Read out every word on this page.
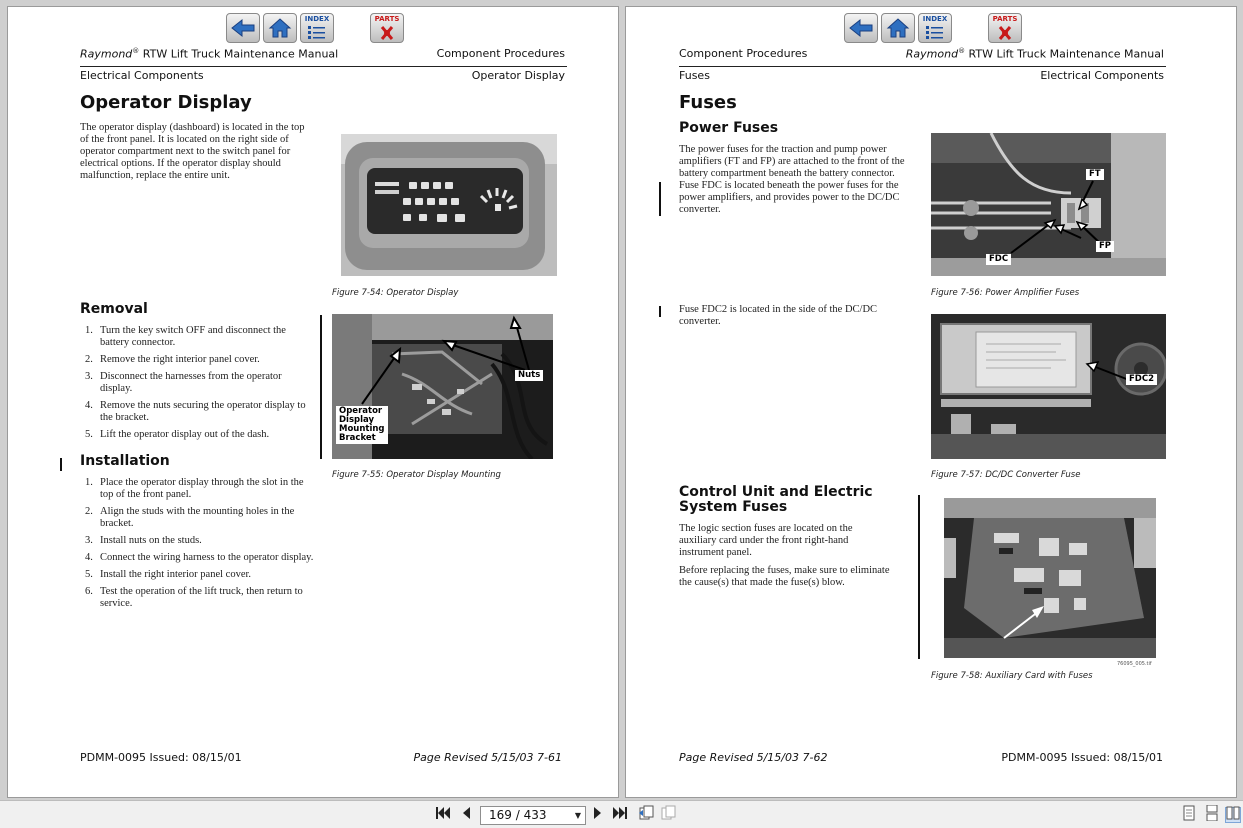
INDEX	PARTS
Raymond® RTW Lift Truck Maintenance Manual	Component Procedures
Electrical Components	Operator Display
Operator Display

The operator display (dashboard) is located in the top of the front panel. It is located on the right side of operator compartment next to the switch panel for electrical options. If the operator display should malfunction, replace the entire unit.

Removal
1. Turn the key switch OFF and disconnect the battery connector.
2. Remove the right interior panel cover.
3. Disconnect the harnesses from the operator display.
4. Remove the nuts securing the operator display to the bracket.
5. Lift the operator display out of the dash.
Installation
1. Place the operator display through the slot in the top of the front panel.
2. Align the studs with the mounting holes in the bracket.
3. Install nuts on the studs.
4. Connect the wiring harness to the operator display.
5. Install the right interior panel cover.
6. Test the operation of the lift truck, then return to service.
Figure 7-54: Operator Display
Nuts
Operator
Display
Mounting
Bracket
Figure 7-55: Operator Display Mounting
PDMM-0095 Issued: 08/15/01	Page Revised 5/15/03 7-61
INDEX	PARTS
Component Procedures	Raymond® RTW Lift Truck Maintenance Manual
Fuses	Electrical Components
Fuses
Power Fuses

The power fuses for the traction and pump power amplifiers (FT and FP) are attached to the front of the battery compartment beneath the battery connector. Fuse FDC is located beneath the power fuses for the power amplifiers, and provides power to the DC/DC converter.

Fuse FDC2 is located in the side of the DC/DC converter.

Control Unit and Electric System Fuses

The logic section fuses are located on the auxiliary card under the front right-hand instrument panel.

Before replacing the fuses, make sure to eliminate the cause(s) that made the fuse(s) blow.

FT
FP
FDC
Figure 7-56: Power Amplifier Fuses
FDC2
Figure 7-57: DC/DC Converter Fuse
76095_005.tif
Figure 7-58: Auxiliary Card with Fuses
Page Revised 5/15/03 7-62	PDMM-0095 Issued: 08/15/01
169 / 433	▼
